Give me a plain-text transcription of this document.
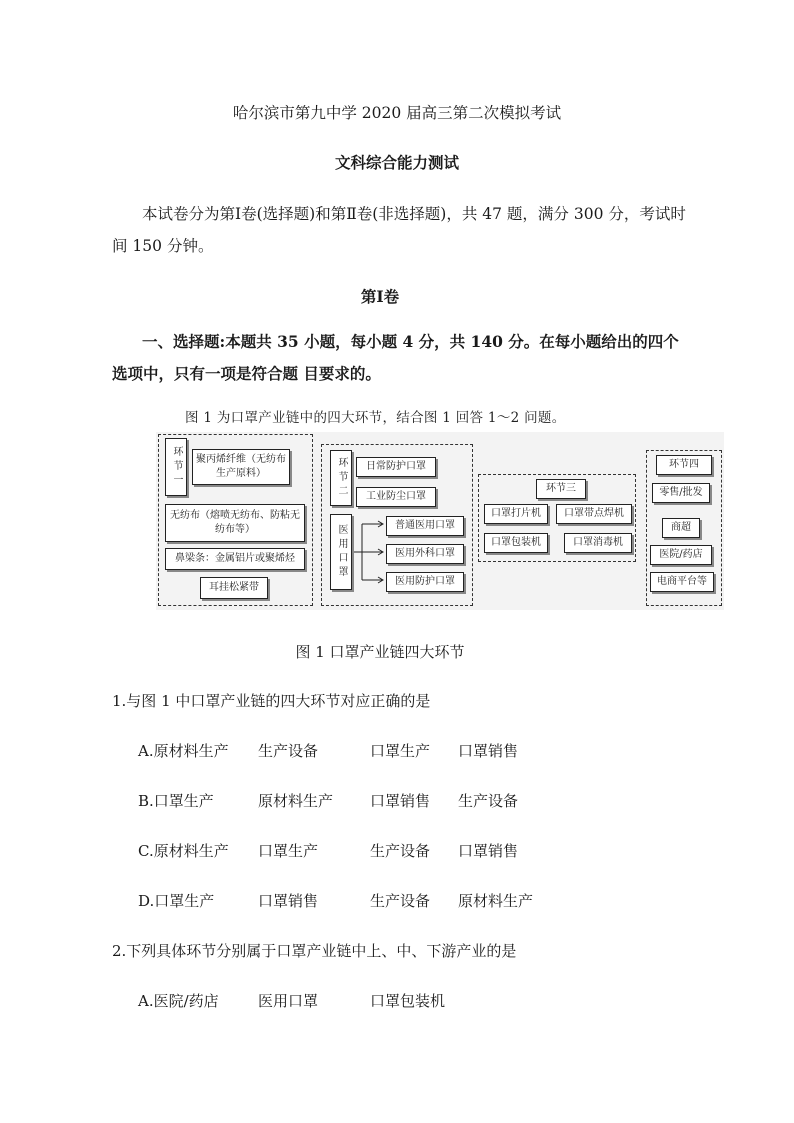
哈尔滨市第九中学 2020 届高三第二次模拟考试
文科综合能力测试
本试卷分为第Ⅰ卷(选择题)和第Ⅱ卷(非选择题)，共 47 题，满分 300 分，考试时间 150 分钟。
第Ⅰ卷
一、选择题:本题共 35 小题，每小题 4 分，共 140 分。在每小题给出的四个选项中，只有一项是符合题 目要求的。
图 1 为口罩产业链中的四大环节，结合图 1 回答 1～2 问题。
环节一	聚丙烯纤维（无纺布生产原料）
无纺布（熔喷无纺布、防粘无纺布等）
鼻梁条：金属铝片或聚烯烃
耳挂松紧带
环节二	日常防护口罩
工业防尘口罩
医用口罩	普通医用口罩
医用外科口罩
医用防护口罩
环节三
口罩打片机	口罩带点焊机
口罩包装机	口罩消毒机
环节四
零售/批发
商超
医院/药店
电商平台等
图 1 口罩产业链四大环节
1.与图 1 中口罩产业链的四大环节对应正确的是
A.原材料生产 生产设备	口罩生产 口罩销售
B.口罩生产	原材料生产 口罩销售 生产设备
C.原材料生产 口罩生产	生产设备 口罩销售
D.口罩生产	口罩销售	生产设备 原材料生产
2.下列具体环节分别属于口罩产业链中上、中、下游产业的是
A.医院/药店	医用口罩	口罩包装机
